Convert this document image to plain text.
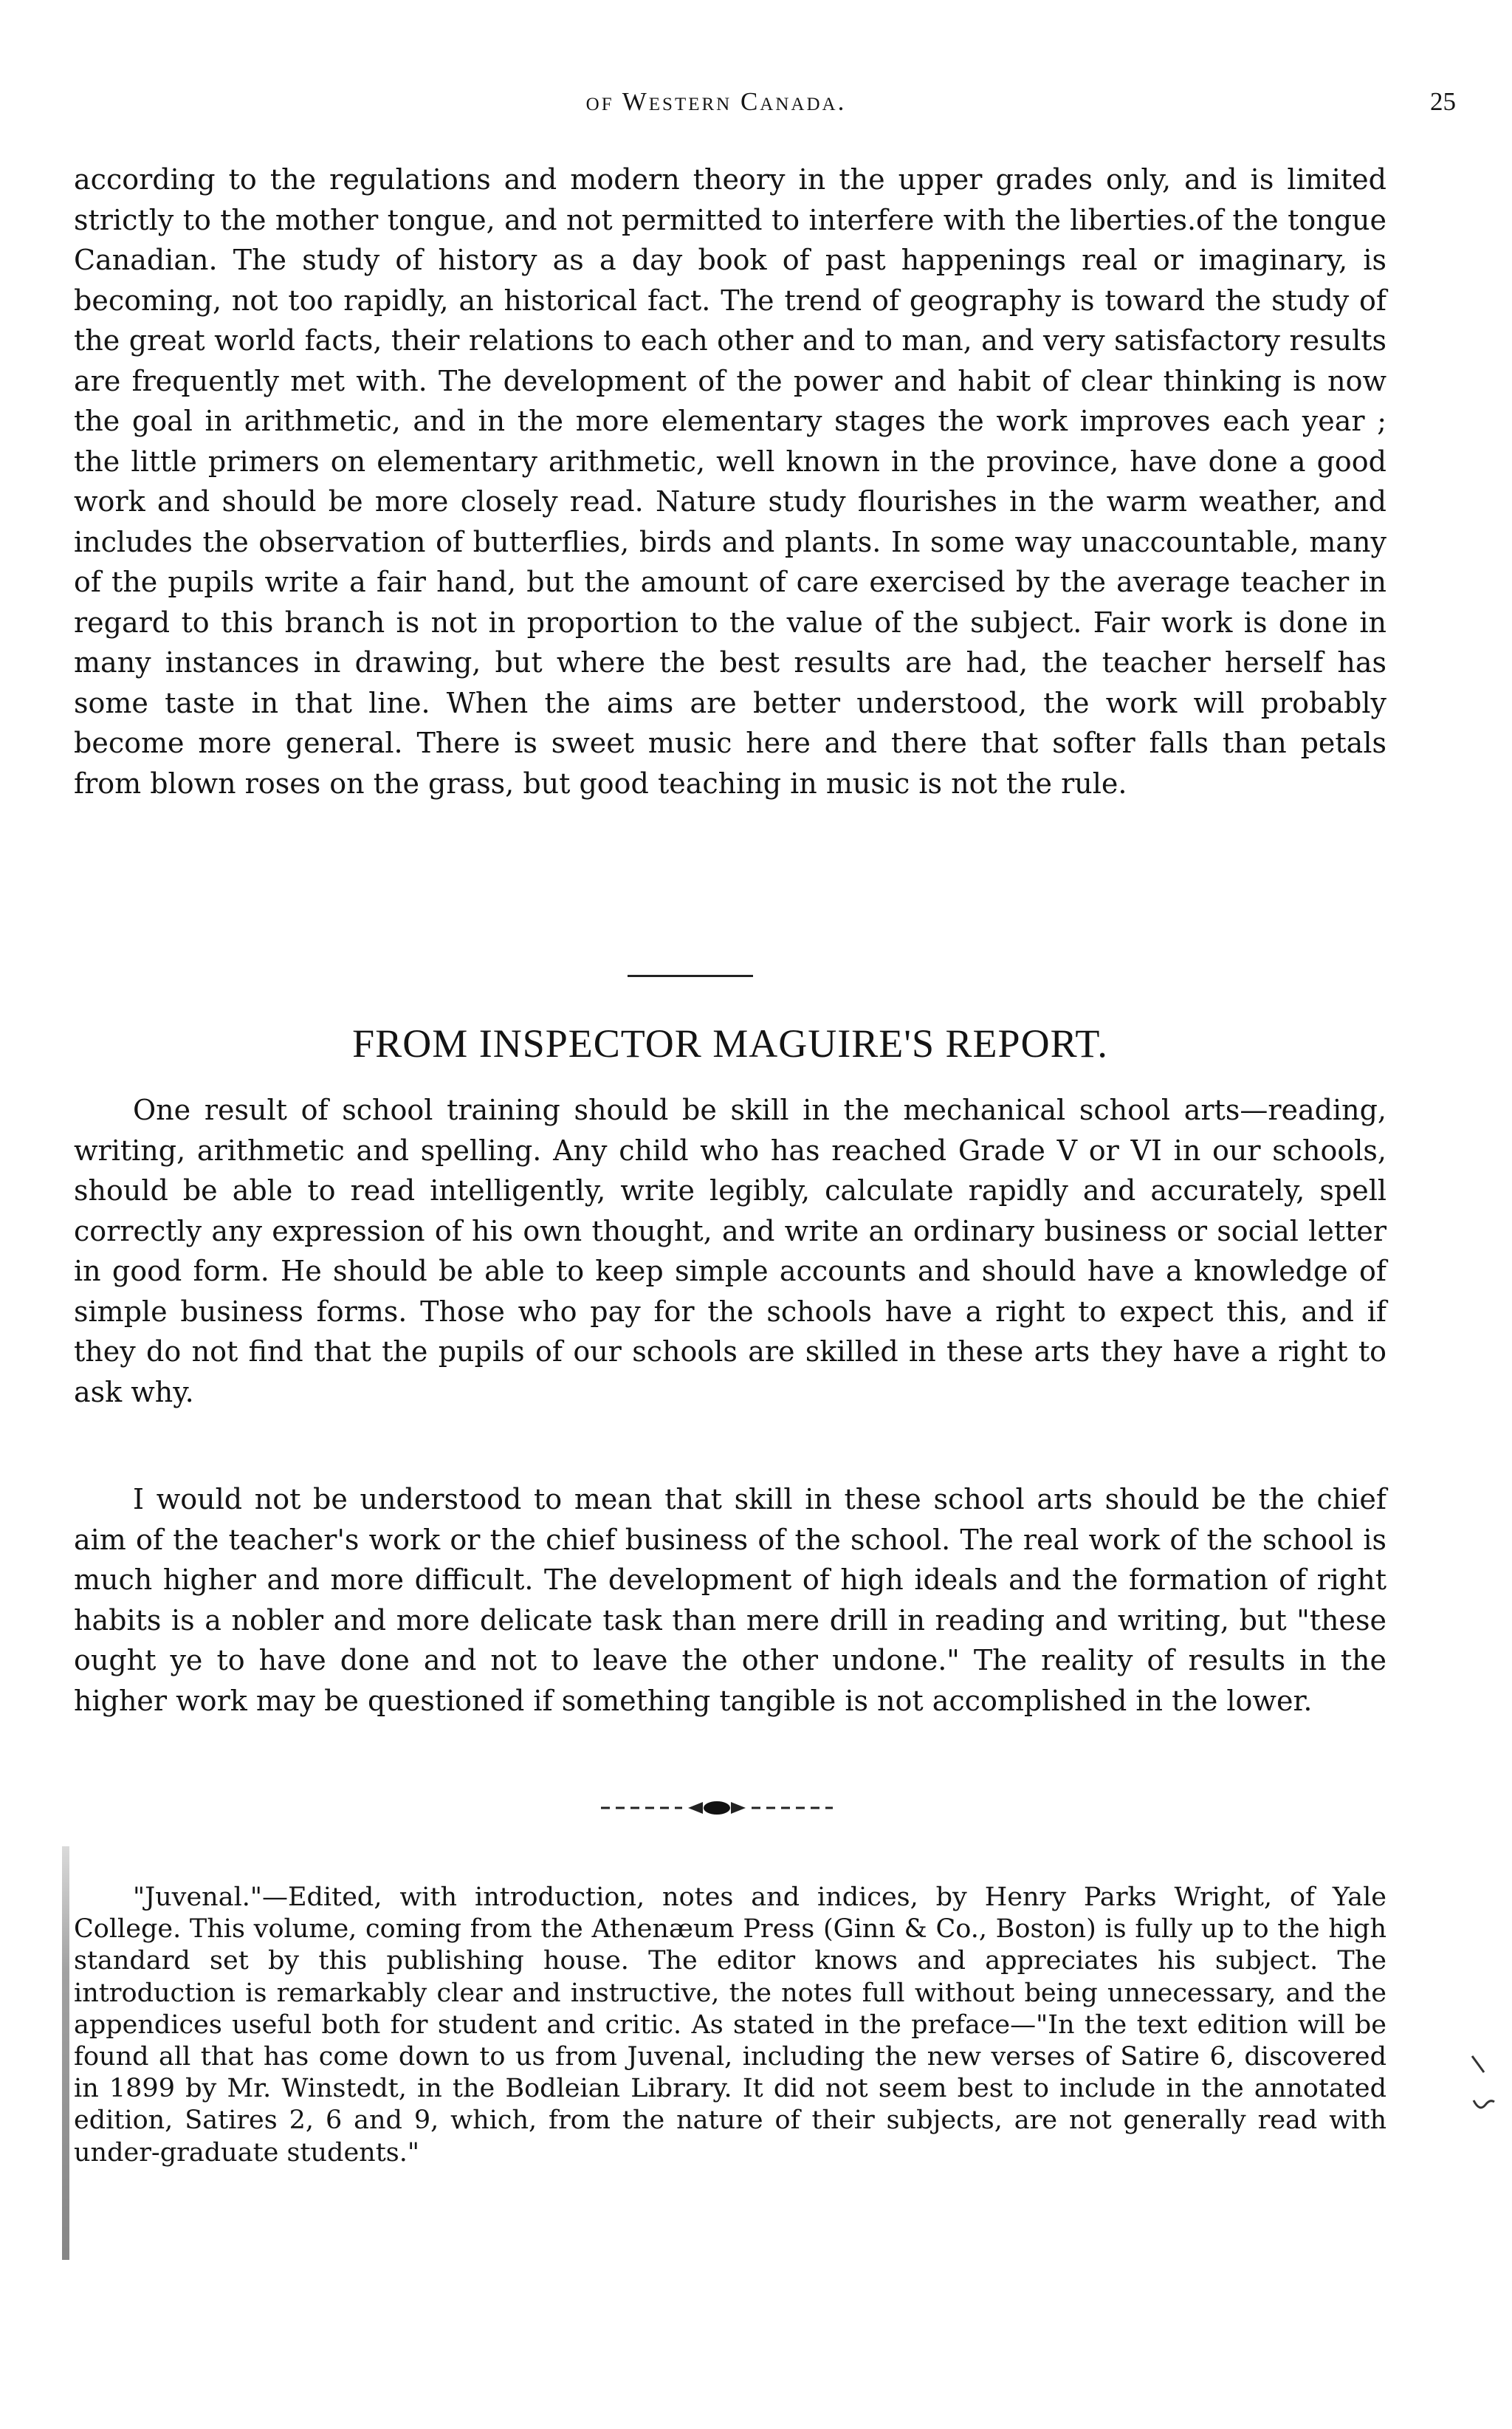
of Western Canada.	25

according to the regulations and modern theory in the upper grades only, and is limited strictly to the mother tongue, and not permitted to interfere with the liberties.of the tongue Canadian. The study of history as a day book of past happenings real or imaginary, is becoming, not too rapidly, an historical fact. The trend of geography is toward the study of the great world facts, their relations to each other and to man, and very satisfactory results are frequently met with. The development of the power and habit of clear thinking is now the goal in arithmetic, and in the more elementary stages the work improves each year ; the little primers on elementary arithmetic, well known in the province, have done a good work and should be more closely read. Nature study flourishes in the warm weather, and includes the observation of butterflies, birds and plants. In some way unaccountable, many of the pupils write a fair hand, but the amount of care exercised by the average teacher in regard to this branch is not in proportion to the value of the subject. Fair work is done in many instances in drawing, but where the best results are had, the teacher herself has some taste in that line. When the aims are better understood, the work will probably become more general. There is sweet music here and there that softer falls than petals from blown roses on the grass, but good teaching in music is not the rule.

FROM INSPECTOR MAGUIRE'S REPORT.

One result of school training should be skill in the mechanical school arts—reading, writing, arithmetic and spelling. Any child who has reached Grade V or VI in our schools, should be able to read intelligently, write legibly, calculate rapidly and accurately, spell correctly any expression of his own thought, and write an ordinary business or social letter in good form. He should be able to keep simple accounts and should have a knowledge of simple business forms. Those who pay for the schools have a right to expect this, and if they do not find that the pupils of our schools are skilled in these arts they have a right to ask why.

I would not be understood to mean that skill in these school arts should be the chief aim of the teacher's work or the chief business of the school. The real work of the school is much higher and more difficult. The development of high ideals and the formation of right habits is a nobler and more delicate task than mere drill in reading and writing, but "these ought ye to have done and not to leave the other undone." The reality of results in the higher work may be questioned if something tangible is not accomplished in the lower.

"Juvenal."—Edited, with introduction, notes and indices, by Henry Parks Wright, of Yale College. This volume, coming from the Athenæum Press (Ginn & Co., Boston) is fully up to the high standard set by this publishing house. The editor knows and appreciates his subject. The introduction is remarkably clear and instructive, the notes full without being unnecessary, and the appendices useful both for student and critic. As stated in the preface—"In the text edition will be found all that has come down to us from Juvenal, including the new verses of Satire 6, discovered in 1899 by Mr. Winstedt, in the Bodleian Library. It did not seem best to include in the annotated edition, Satires 2, 6 and 9, which, from the nature of their subjects, are not generally read with under-graduate students."
